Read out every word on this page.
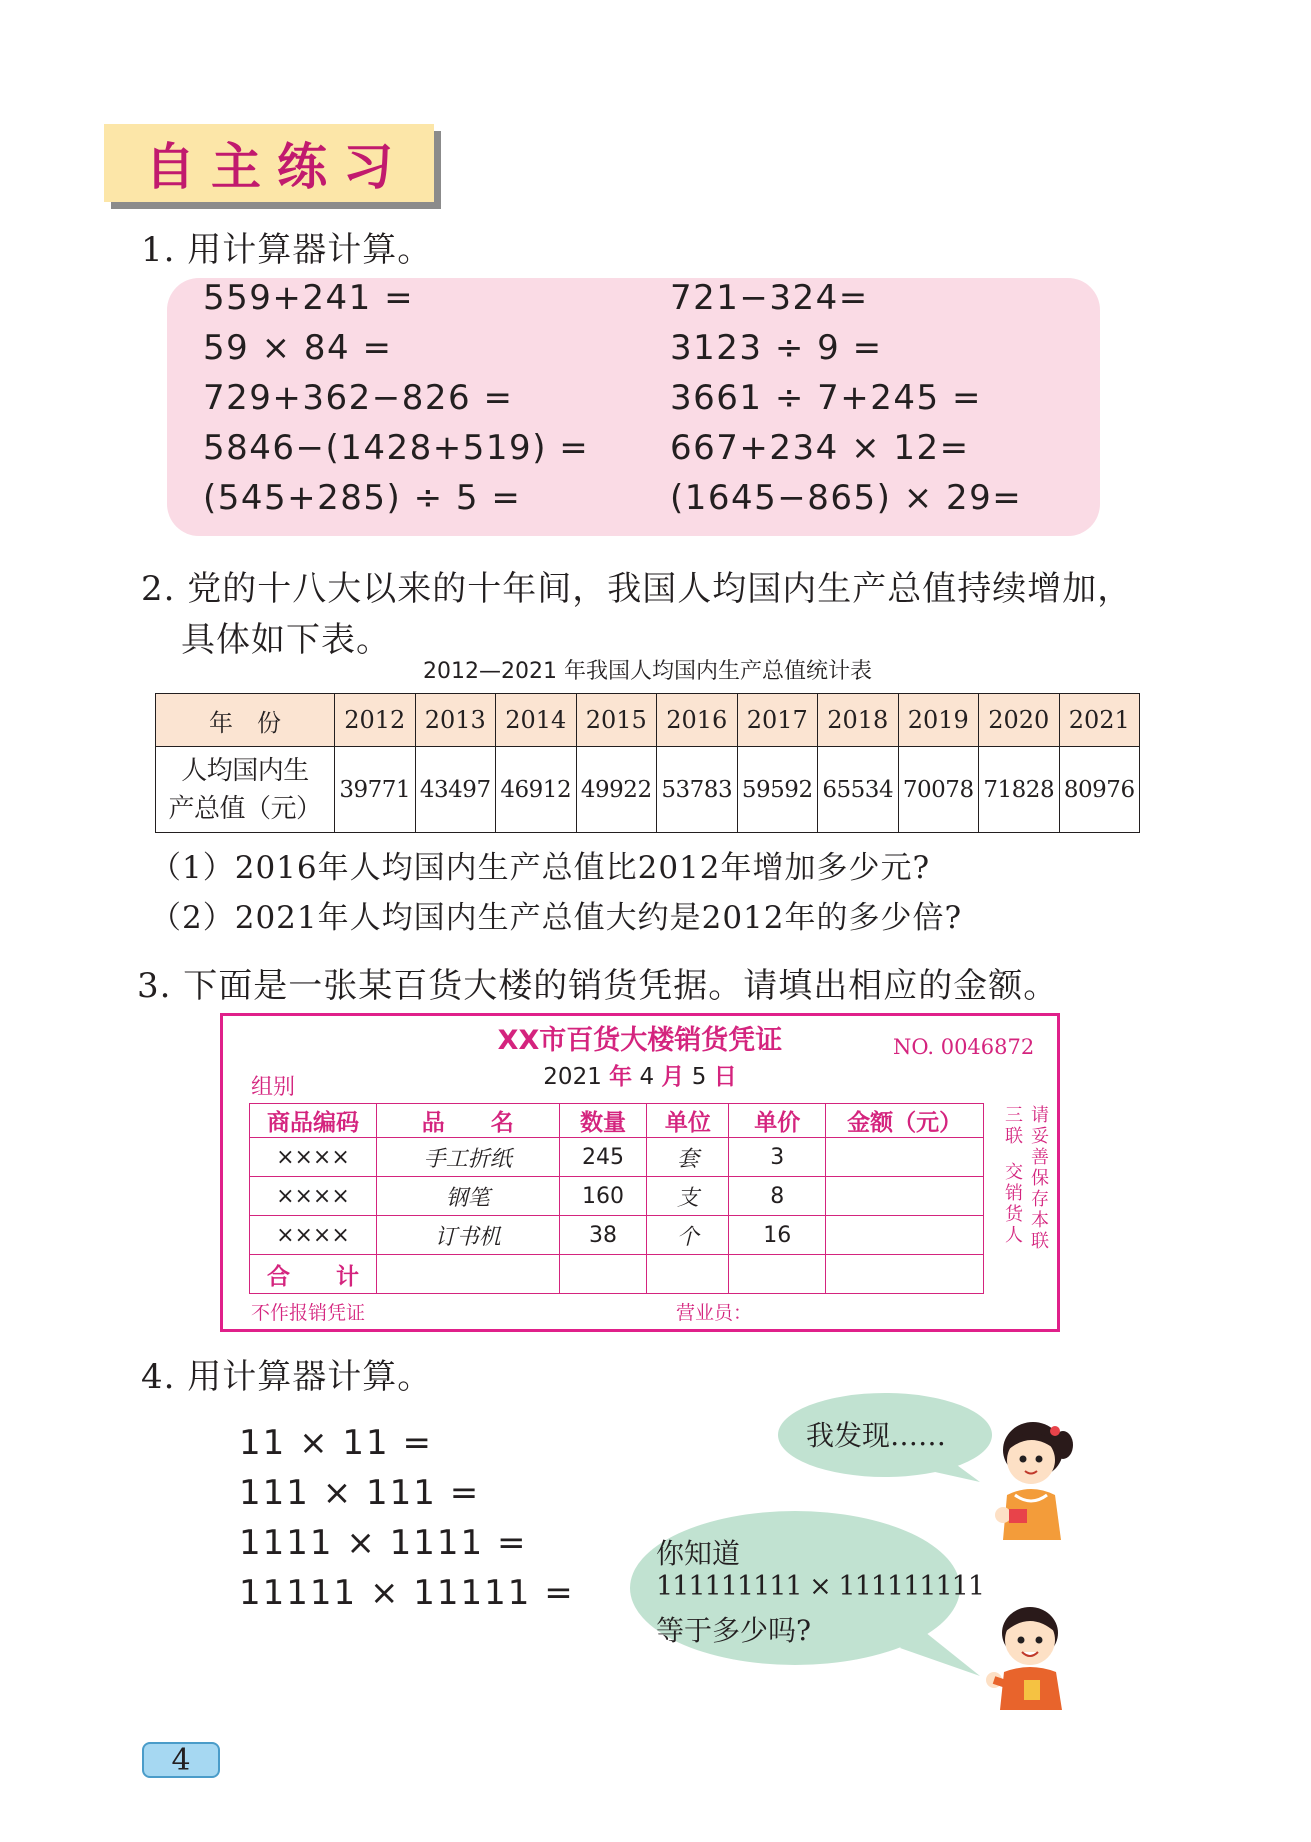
自主练习
1. 用计算器计算。
559+241 =
59 × 84 =
729+362−826 =
5846−(1428+519) =
(545+285) ÷ 5 =
721−324=
3123 ÷ 9 =
3661 ÷ 7+245 =
667+234 × 12=
(1645−865) × 29=
2. 党的十八大以来的十年间，我国人均国内生产总值持续增加，
具体如下表。
2012—2021 年我国人均国内生产总值统计表
年　份	2012	2013	2014	2015	2016	2017	2018	2019	2020	2021

人均国内生
产总值（元）	39771	43497	46912	49922	53783	59592	65534	70078	71828	80976
（1）2016年人均国内生产总值比2012年增加多少元?
（2）2021年人均国内生产总值大约是2012年的多少倍?
3. 下面是一张某百货大楼的销货凭据。请填出相应的金额。
XX市百货大楼销货凭证	NO. 0046872
2021 年 4 月 5 日
组别
商品编码	品　　名	数量	单位	单价	金额（元）
××××	手工折纸	245	套	3	
××××	钢笔	160	支	8	
××××	订书机	38	个	16	
合　　计					
三联
交销货人
请妥善保存本联
不作报销凭证	营业员：
4. 用计算器计算。
11 × 11 =
111 × 111 =
1111 × 1111 =
11111 × 11111 =
我发现……
你知道
111111111 × 111111111
等于多少吗?
4
